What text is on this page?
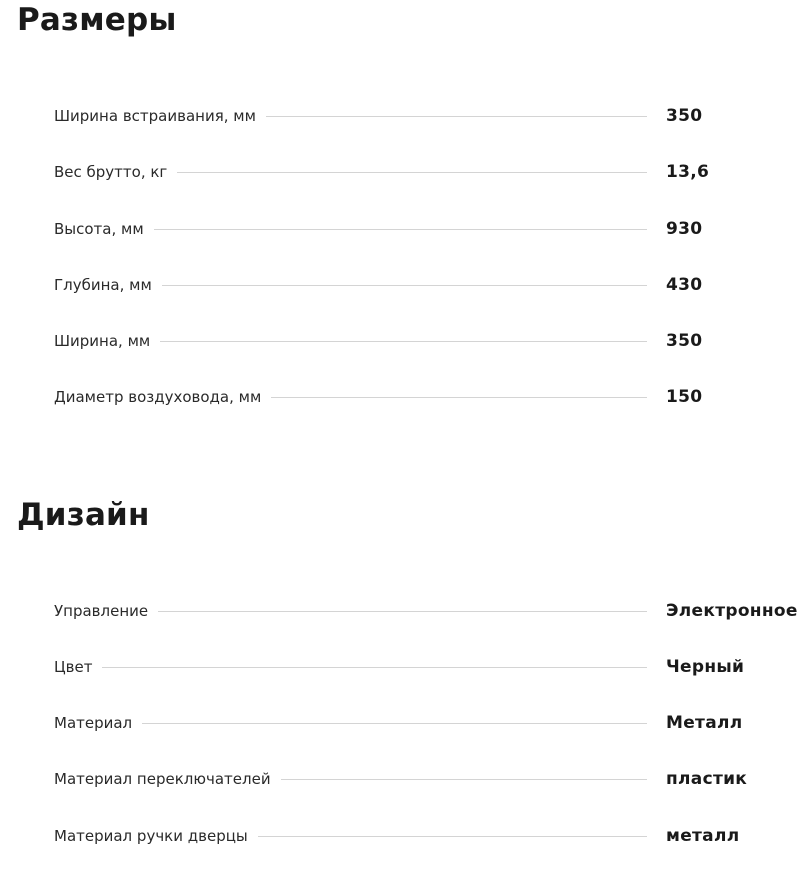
Размеры
Ширина встраивания, мм	350
Вес брутто, кг	13,6
Высота, мм	930
Глубина, мм	430
Ширина, мм	350
Диаметр воздуховода, мм	150
Дизайн
Управление	Электронное
Цвет	Черный
Материал	Металл
Материал переключателей	пластик
Материал ручки дверцы	металл
